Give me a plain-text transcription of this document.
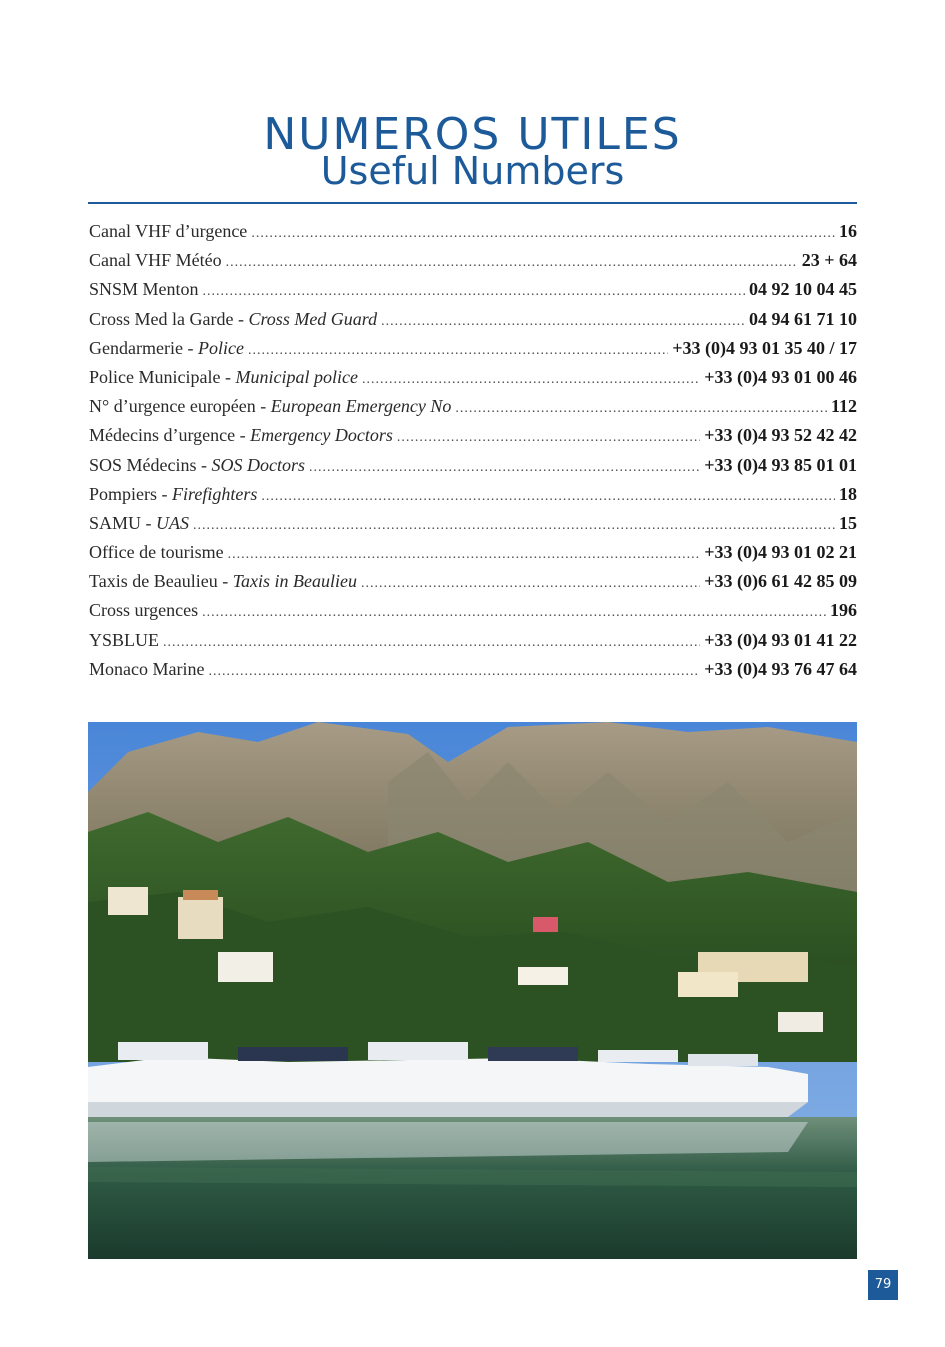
NUMEROS UTILES
Useful Numbers
Canal VHF d’urgence .....	16
Canal VHF Météo .....	23 + 64
SNSM Menton .....	04 92 10 04 45
Cross Med la Garde - Cross Med Guard .....	04 94 61 71 10
Gendarmerie - Police .....	+33 (0)4 93 01 35 40 / 17
Police Municipale - Municipal police .....	+33 (0)4 93 01 00 46
N° d’urgence européen - European Emergency No .....	112
Médecins d’urgence - Emergency Doctors .....	+33 (0)4 93 52 42 42
SOS Médecins - SOS Doctors .....	+33 (0)4 93 85 01 01
Pompiers - Firefighters .....	18
SAMU - UAS .....	15
Office de tourisme .....	+33 (0)4 93 01 02 21
Taxis de Beaulieu - Taxis in Beaulieu .....	+33 (0)6 61 42 85 09
Cross urgences .....	196
YSBLUE .....	+33 (0)4 93 01 41 22
Monaco Marine .....	+33 (0)4 93 76 47 64
79
